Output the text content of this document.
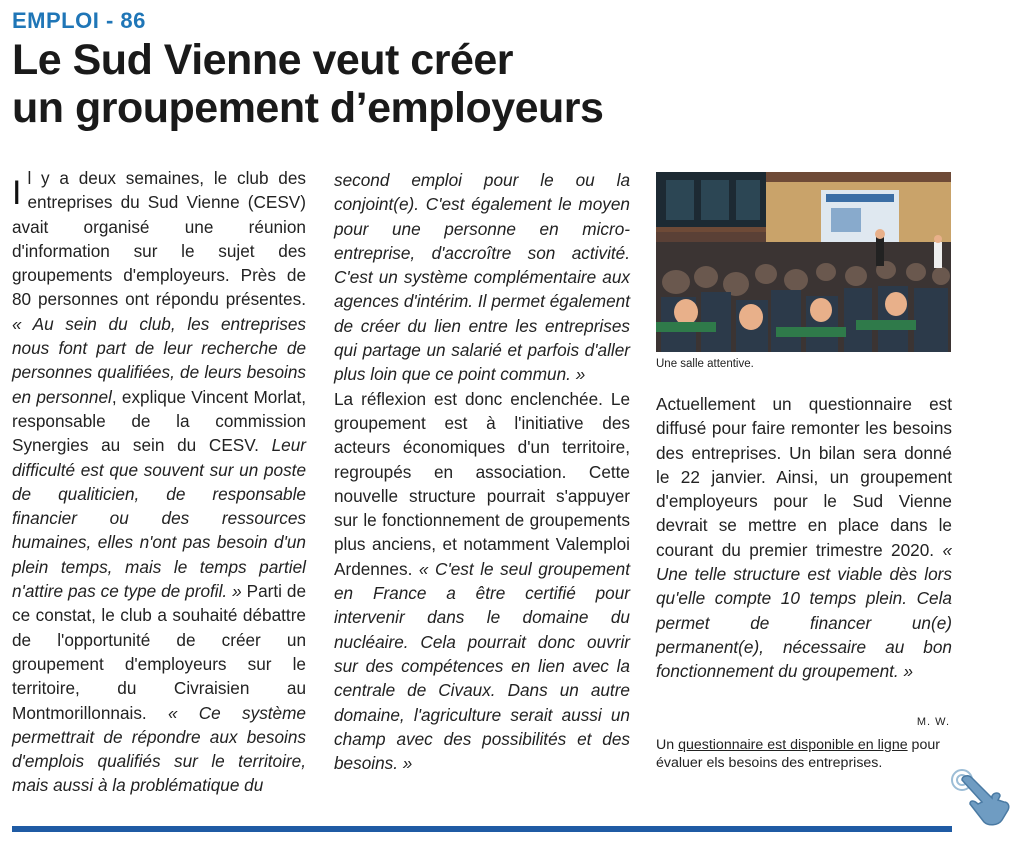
EMPLOI - 86
Le Sud Vienne veut créer
un groupement d’employeurs

Il y a deux semaines, le club des entreprises du Sud Vienne (CESV) avait organisé une réunion d'information sur le sujet des groupements d'employeurs. Près de 80 personnes ont répondu présentes. « Au sein du club, les entreprises nous font part de leur recherche de personnes qualifiées, de leurs besoins en personnel, explique Vincent Morlat, responsable de la commission Synergies au sein du CESV. Leur difficulté est que souvent sur un poste de qualiticien, de responsable financier ou des ressources humaines, elles n'ont pas besoin d'un plein temps, mais le temps partiel n'attire pas ce type de profil. » Parti de ce constat, le club a souhaité débattre de l'opportunité de créer un groupement d'employeurs sur le territoire, du Civraisien au Montmorillonnais. « Ce système permettrait de répondre aux besoins d'emplois qualifiés sur le territoire, mais aussi à la problématique du

second emploi pour le ou la conjoint(e). C'est également le moyen pour une personne en micro-entreprise, d'accroître son activité. C'est un système complémentaire aux agences d'intérim. Il permet également de créer du lien entre les entreprises qui partage un salarié et parfois d'aller plus loin que ce point commun. »

La réflexion est donc enclenchée. Le groupement est à l'initiative des acteurs économiques d'un territoire, regroupés en association. Cette nouvelle structure pourrait s'appuyer sur le fonctionnement de groupements plus anciens, et notamment Valemploi Ardennes. « C'est le seul groupement en France a être certifié pour intervenir dans le domaine du nucléaire. Cela pourrait donc ouvrir sur des compétences en lien avec la centrale de Civaux. Dans un autre domaine, l'agriculture serait aussi un champ avec des possibilités et des besoins. »

Une salle attentive.

Actuellement un questionnaire est diffusé pour faire remonter les besoins des entreprises. Un bilan sera donné le 22 janvier. Ainsi, un groupement d'employeurs pour le Sud Vienne devrait se mettre en place dans le courant du premier trimestre 2020. « Une telle structure est viable dès lors qu'elle compte 10 temps plein. Cela permet de financer un(e) permanent(e), nécessaire au bon fonctionnement du groupement. »

M. W.
Un questionnaire est disponible en ligne pour évaluer els besoins des entreprises.
